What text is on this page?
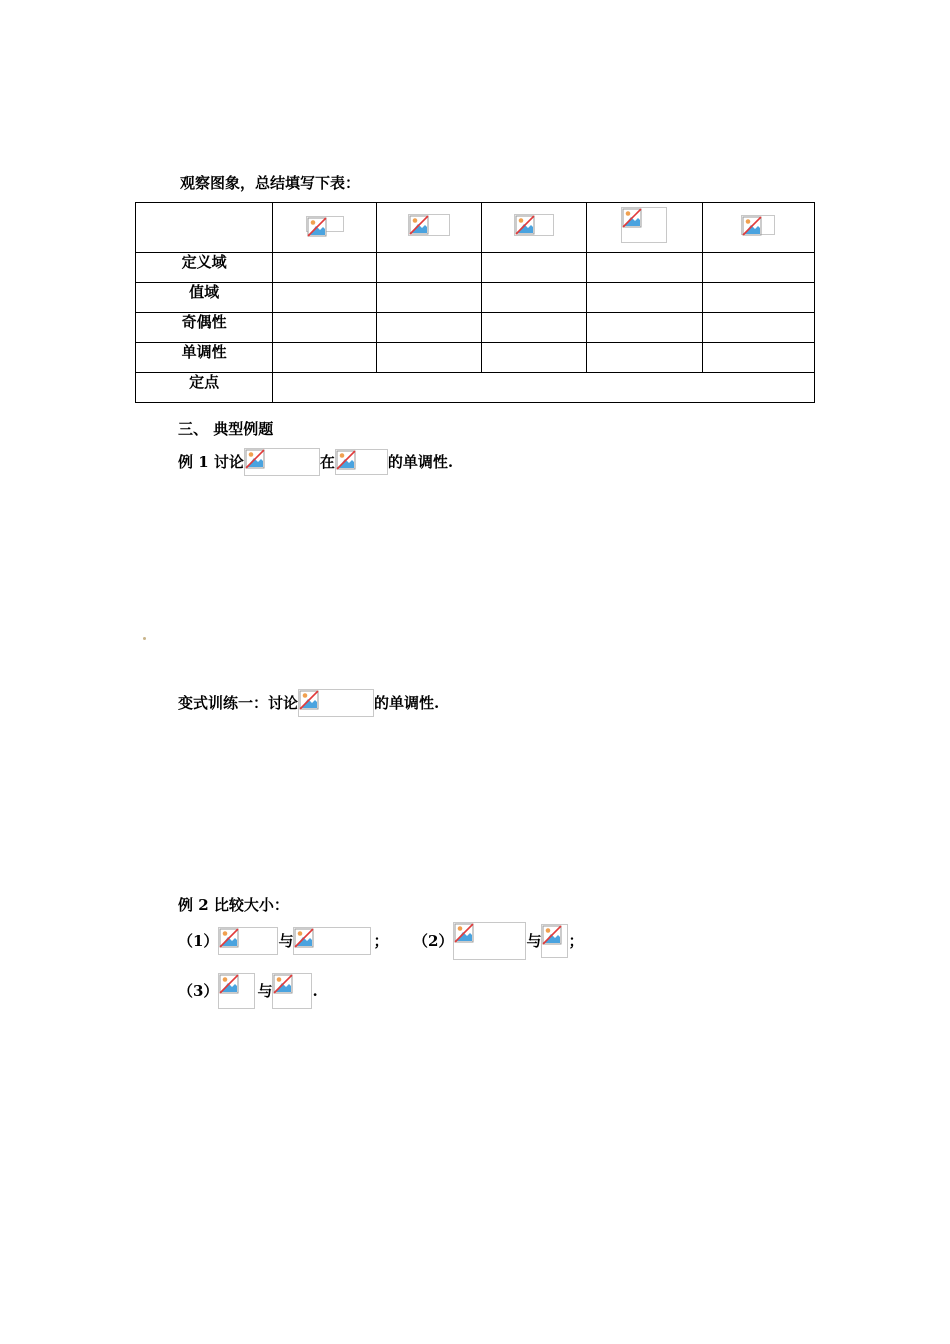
观察图象，总结填写下表：

定义域					
值域					
奇偶性					
单调性					
定点					
三、 典型例题
例 1 讨论	在	的单调性.
变式训练一：讨论	的单调性.
例 2 比较大小：
（1）	与	； （2）	与 ；
（3）	与	.
